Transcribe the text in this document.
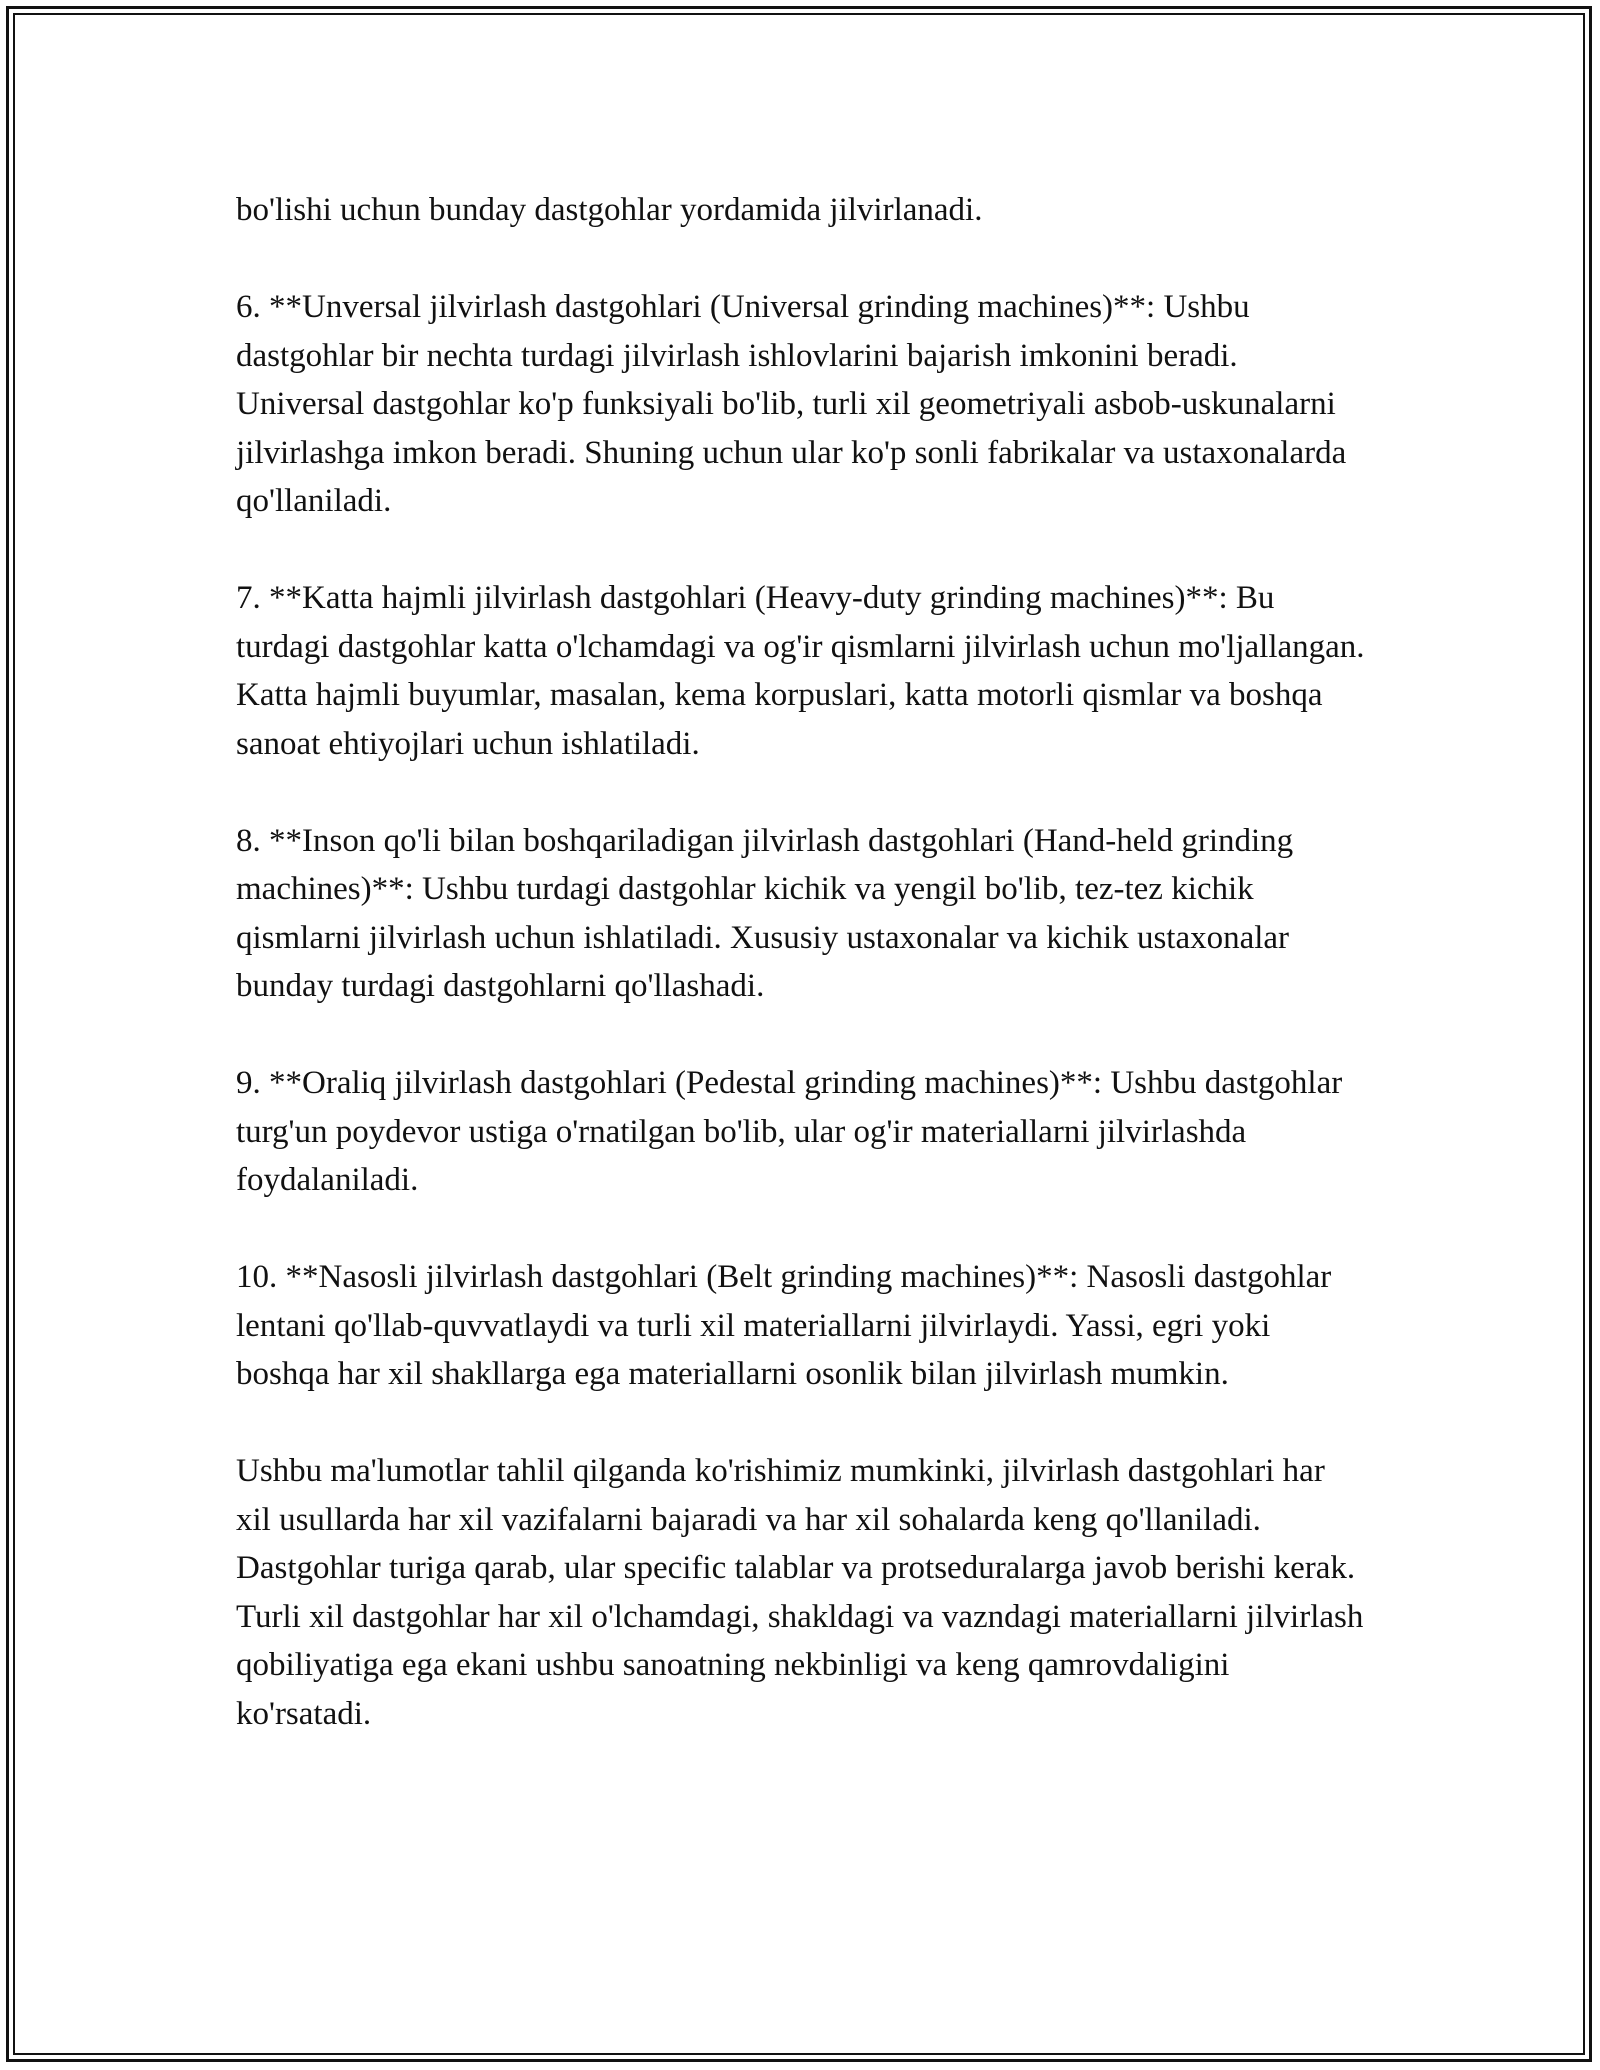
bo'lishi uchun bunday dastgohlar yordamida jilvirlanadi.

6. **Unversal jilvirlash dastgohlari (Universal grinding machines)**: Ushbu dastgohlar bir nechta turdagi jilvirlash ishlovlarini bajarish imkonini beradi. Universal dastgohlar ko'p funksiyali bo'lib, turli xil geometriyali asbob-uskunalarni jilvirlashga imkon beradi. Shuning uchun ular ko'p sonli fabrikalar va ustaxonalarda qo'llaniladi.

7. **Katta hajmli jilvirlash dastgohlari (Heavy-duty grinding machines)**: Bu turdagi dastgohlar katta o'lchamdagi va og'ir qismlarni jilvirlash uchun mo'ljallangan. Katta hajmli buyumlar, masalan, kema korpuslari, katta motorli qismlar va boshqa sanoat ehtiyojlari uchun ishlatiladi.

8. **Inson qo'li bilan boshqariladigan jilvirlash dastgohlari (Hand-held grinding machines)**: Ushbu turdagi dastgohlar kichik va yengil bo'lib, tez-tez kichik qismlarni jilvirlash uchun ishlatiladi. Xususiy ustaxonalar va kichik ustaxonalar bunday turdagi dastgohlarni qo'llashadi.

9. **Oraliq jilvirlash dastgohlari (Pedestal grinding machines)**: Ushbu dastgohlar turg'un poydevor ustiga o'rnatilgan bo'lib, ular og'ir materiallarni jilvirlashda foydalaniladi.

10. **Nasosli jilvirlash dastgohlari (Belt grinding machines)**: Nasosli dastgohlar lentani qo'llab-quvvatlaydi va turli xil materiallarni jilvirlaydi. Yassi, egri yoki boshqa har xil shakllarga ega materiallarni osonlik bilan jilvirlash mumkin.

Ushbu ma'lumotlar tahlil qilganda ko'rishimiz mumkinki, jilvirlash dastgohlari har xil usullarda har xil vazifalarni bajaradi va har xil sohalarda keng qo'llaniladi. Dastgohlar turiga qarab, ular specific talablar va protseduralarga javob berishi kerak. Turli xil dastgohlar har xil o'lchamdagi, shakldagi va vazndagi materiallarni jilvirlash qobiliyatiga ega ekani ushbu sanoatning nekbinligi va keng qamrovdaligini ko'rsatadi.
